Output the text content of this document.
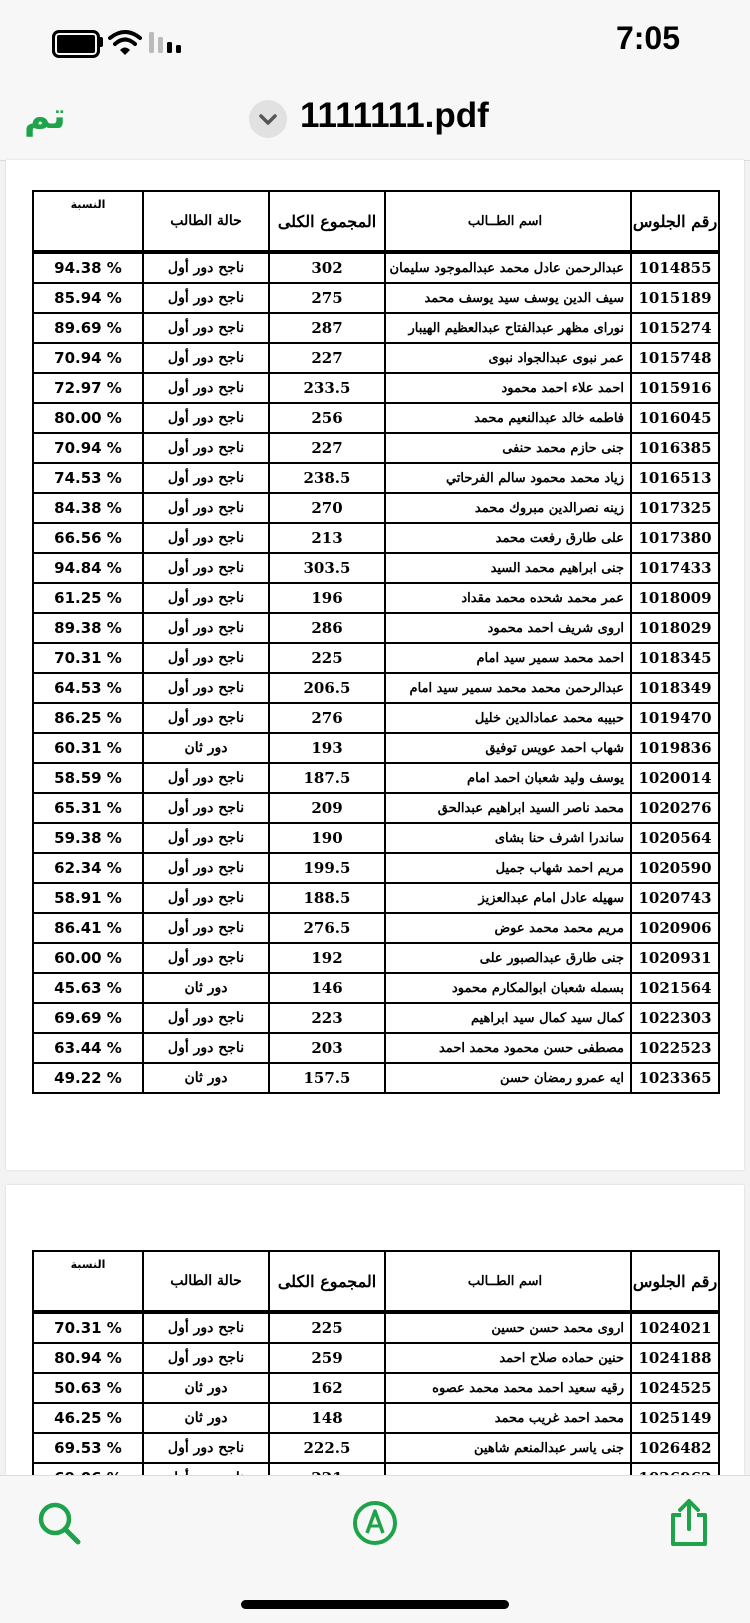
7:05
تم	1111111.pdf
رقم الجلوس	اسم الطــالب	المجموع الكلى	حالة الطالب	النسبة
1014855	عبدالرحمن عادل محمد عبدالموجود سليمان	302	ناجح دور أول	94.38 %
1015189	سيف الدين يوسف سيد يوسف محمد	275	ناجح دور أول	85.94 %
1015274	نوراى مظهر عبدالفتاح عبدالعظيم الهيبار	287	ناجح دور أول	89.69 %
1015748	عمر نبوى عبدالجواد نبوى	227	ناجح دور أول	70.94 %
1015916	احمد علاء احمد محمود	233.5	ناجح دور أول	72.97 %
1016045	فاطمه خالد عبدالنعيم محمد	256	ناجح دور أول	80.00 %
1016385	جنى حازم محمد حنفى	227	ناجح دور أول	70.94 %
1016513	زياد محمد محمود سالم الفرحاتي	238.5	ناجح دور أول	74.53 %
1017325	زينه نصرالدين مبروك محمد	270	ناجح دور أول	84.38 %
1017380	على طارق رفعت محمد	213	ناجح دور أول	66.56 %
1017433	جنى ابراهيم محمد السيد	303.5	ناجح دور أول	94.84 %
1018009	عمر محمد شحده محمد مقداد	196	ناجح دور أول	61.25 %
1018029	اروى شريف احمد محمود	286	ناجح دور أول	89.38 %
1018345	احمد محمد سمير سيد امام	225	ناجح دور أول	70.31 %
1018349	عبدالرحمن محمد محمد سمير سيد امام	206.5	ناجح دور أول	64.53 %
1019470	حبيبه محمد عمادالدين خليل	276	ناجح دور أول	86.25 %
1019836	شهاب احمد عويس توفيق	193	دور ثان	60.31 %
1020014	يوسف وليد شعبان احمد امام	187.5	ناجح دور أول	58.59 %
1020276	محمد ناصر السيد ابراهيم عبدالحق	209	ناجح دور أول	65.31 %
1020564	ساندرا اشرف حنا بشاى	190	ناجح دور أول	59.38 %
1020590	مريم احمد شهاب جميل	199.5	ناجح دور أول	62.34 %
1020743	سهيله عادل امام عبدالعزيز	188.5	ناجح دور أول	58.91 %
1020906	مريم محمد محمد عوض	276.5	ناجح دور أول	86.41 %
1020931	جنى طارق عبدالصبور على	192	ناجح دور أول	60.00 %
1021564	بسمله شعبان ابوالمكارم محمود	146	دور ثان	45.63 %
1022303	كمال سيد كمال سيد ابراهيم	223	ناجح دور أول	69.69 %
1022523	مصطفى حسن محمود محمد احمد	203	ناجح دور أول	63.44 %
1023365	ايه عمرو رمضان حسن	157.5	دور ثان	49.22 %
رقم الجلوس	اسم الطــالب	المجموع الكلى	حالة الطالب	النسبة
1024021	اروى محمد حسن حسين	225	ناجح دور أول	70.31 %
1024188	حنين حماده صلاح احمد	259	ناجح دور أول	80.94 %
1024525	رقيه سعيد احمد محمد محمد عصوه	162	دور ثان	50.63 %
1025149	محمد احمد غريب محمد	148	دور ثان	46.25 %
1026482	جنى ياسر عبدالمنعم شاهين	222.5	ناجح دور أول	69.53 %
